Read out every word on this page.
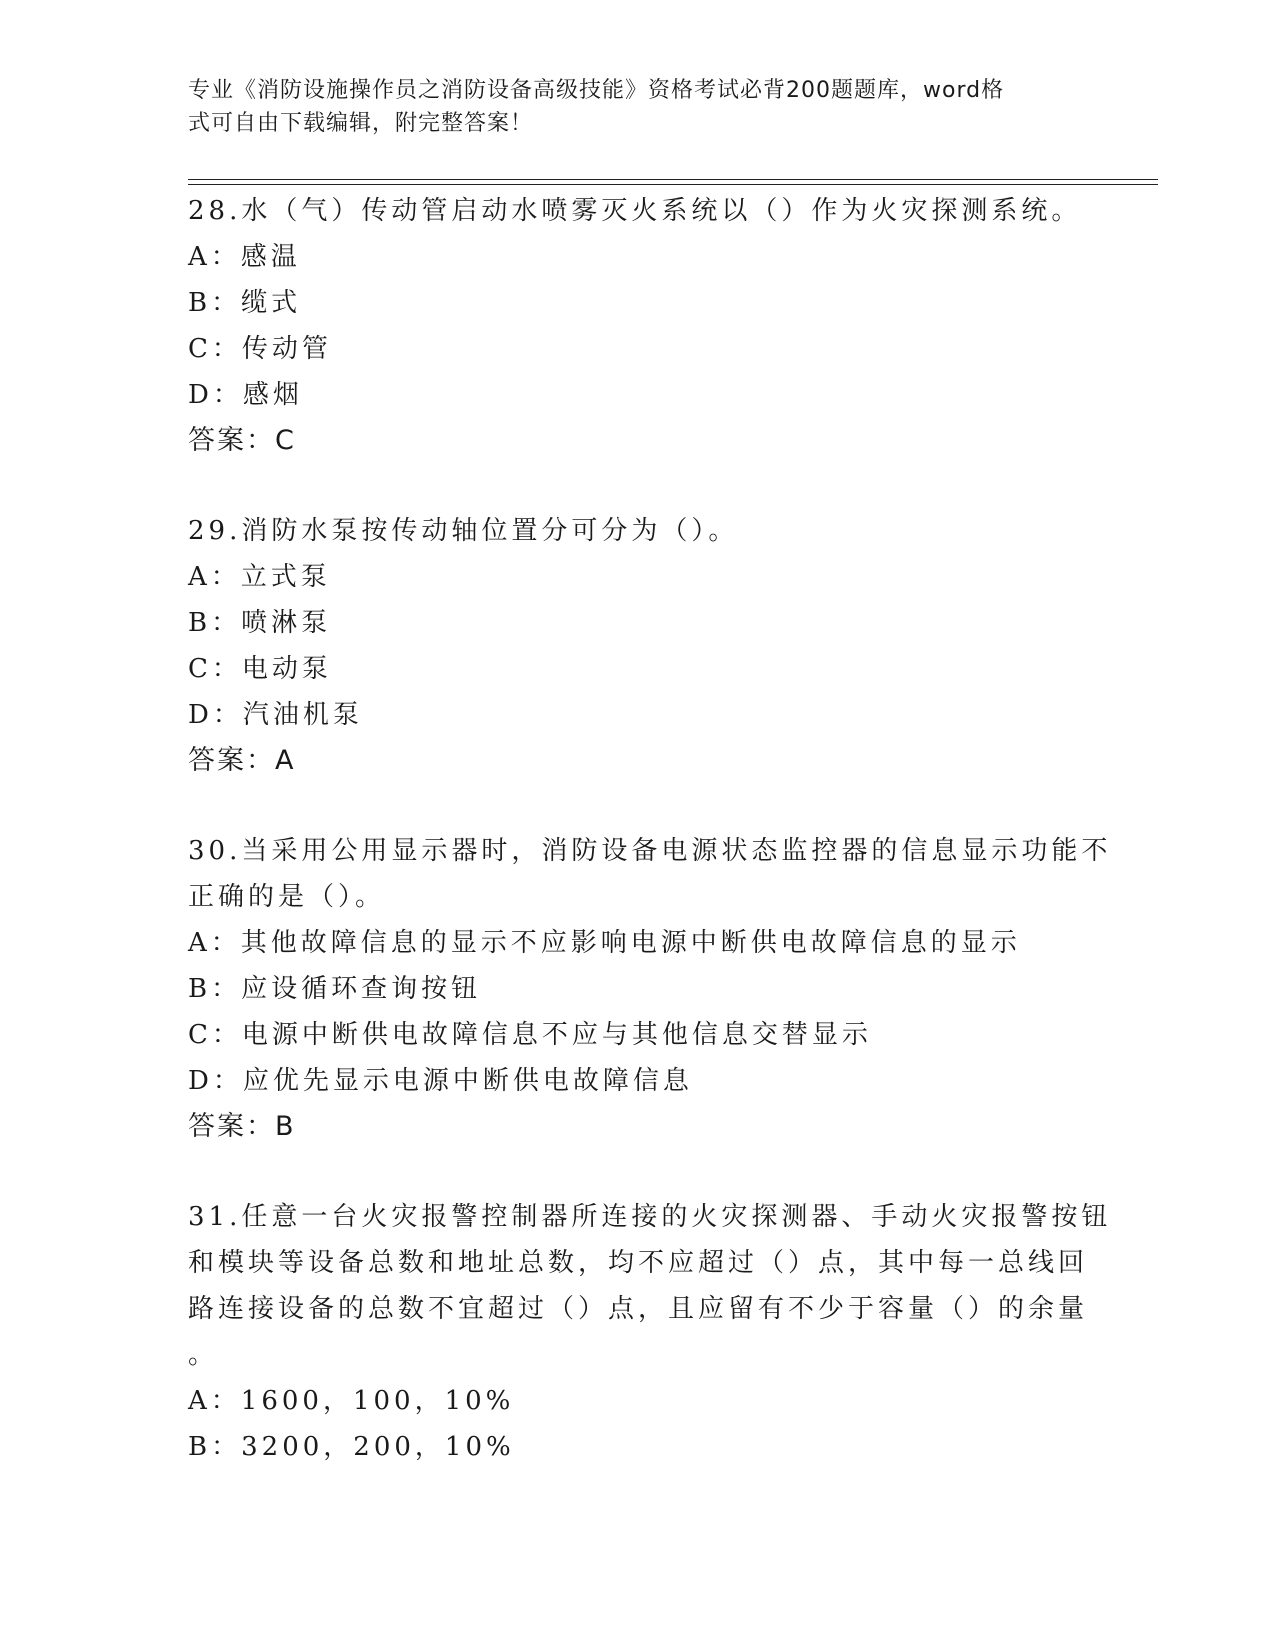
专业《消防设施操作员之消防设备高级技能》资格考试必背200题题库，word格
式可自由下载编辑，附完整答案！
28.水（气）传动管启动水喷雾灭火系统以（）作为火灾探测系统。
A：感温
B：缆式
C：传动管
D：感烟
答案：C
29.消防水泵按传动轴位置分可分为（）。
A：立式泵
B：喷淋泵
C：电动泵
D：汽油机泵
答案：A
30.当采用公用显示器时，消防设备电源状态监控器的信息显示功能不
正确的是（）。
A：其他故障信息的显示不应影响电源中断供电故障信息的显示
B：应设循环查询按钮
C：电源中断供电故障信息不应与其他信息交替显示
D：应优先显示电源中断供电故障信息
答案：B
31.任意一台火灾报警控制器所连接的火灾探测器、手动火灾报警按钮
和模块等设备总数和地址总数，均不应超过（）点，其中每一总线回
路连接设备的总数不宜超过（）点，且应留有不少于容量（）的余量
。
A：1600，100，10%
B：3200，200，10%
